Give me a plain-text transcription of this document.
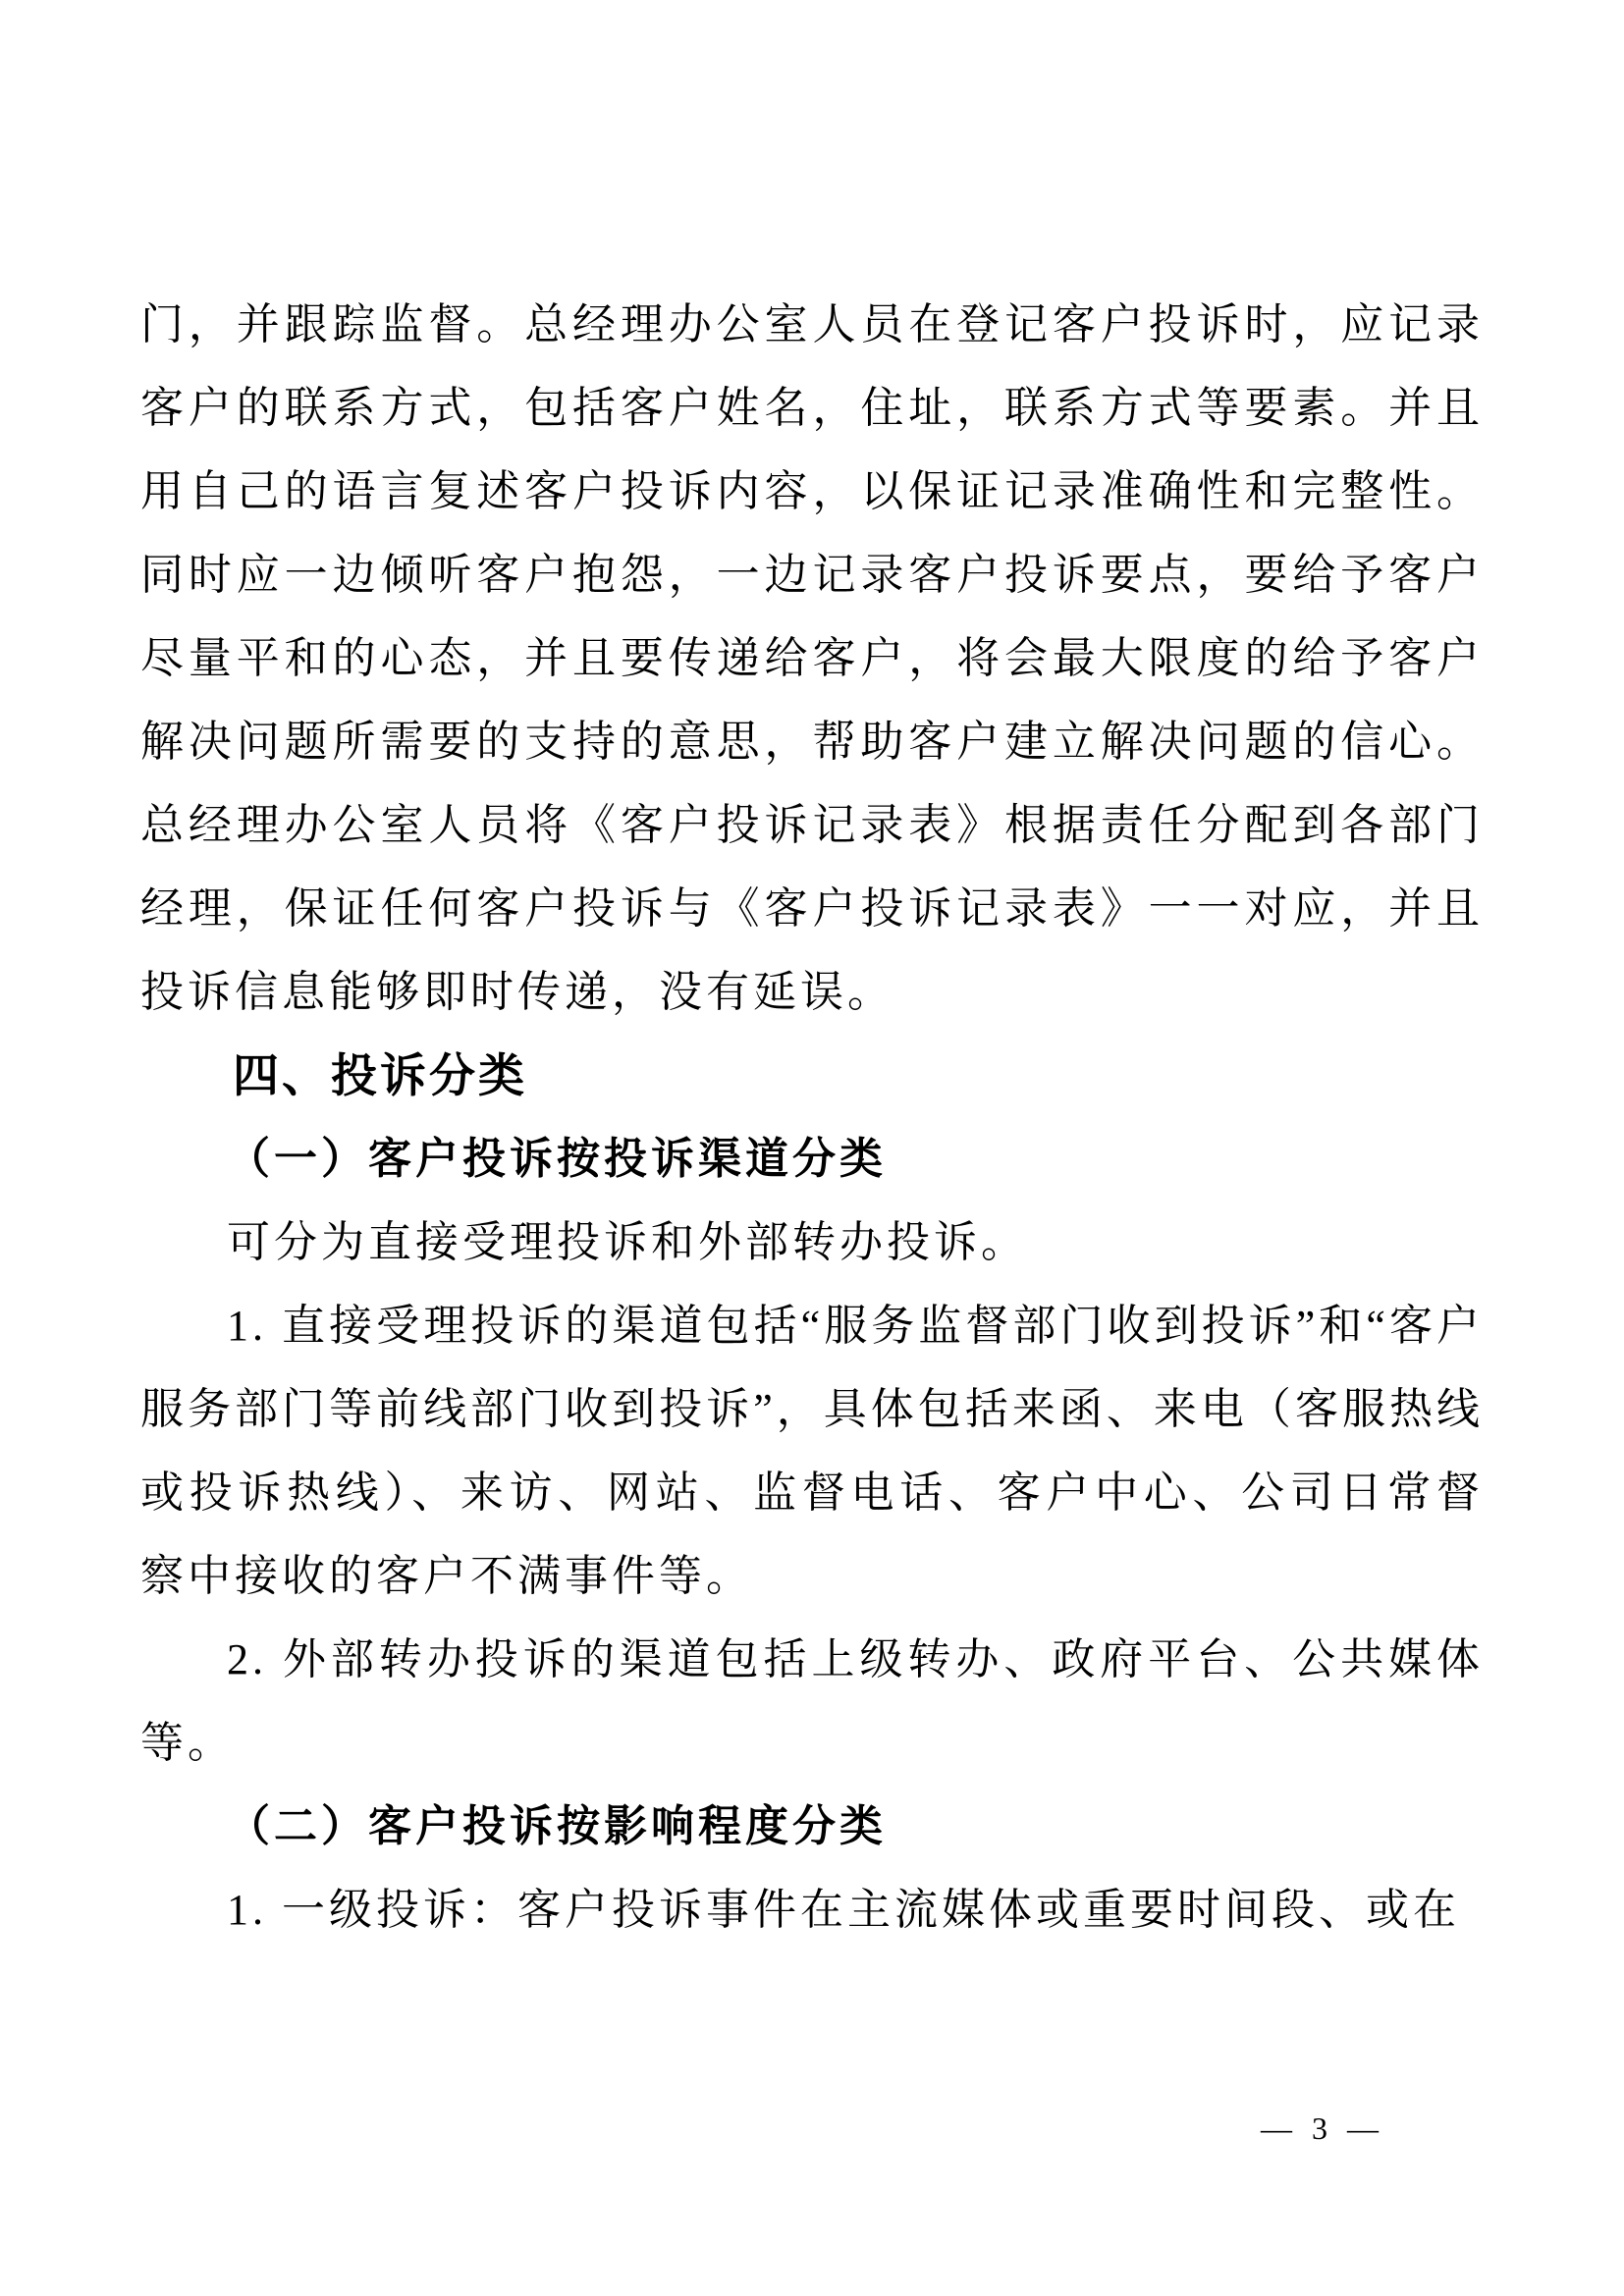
门，并跟踪监督。总经理办公室人员在登记客户投诉时，应记录客户的联系方式，包括客户姓名，住址，联系方式等要素。并且用自己的语言复述客户投诉内容，以保证记录准确性和完整性。同时应一边倾听客户抱怨，一边记录客户投诉要点，要给予客户尽量平和的心态，并且要传递给客户，将会最大限度的给予客户解决问题所需要的支持的意思，帮助客户建立解决问题的信心。总经理办公室人员将《客户投诉记录表》根据责任分配到各部门经理，保证任何客户投诉与《客户投诉记录表》一一对应，并且投诉信息能够即时传递，没有延误。

四、投诉分类
（一）客户投诉按投诉渠道分类

可分为直接受理投诉和外部转办投诉。

1. 直接受理投诉的渠道包括“服务监督部门收到投诉”和“客户服务部门等前线部门收到投诉”，具体包括来函、来电（客服热线或投诉热线）、来访、网站、监督电话、客户中心、公司日常督察中接收的客户不满事件等。

2. 外部转办投诉的渠道包括上级转办、政府平台、公共媒体等。

（二）客户投诉按影响程度分类

1. 一级投诉：客户投诉事件在主流媒体或重要时间段、或在

— 3 —
